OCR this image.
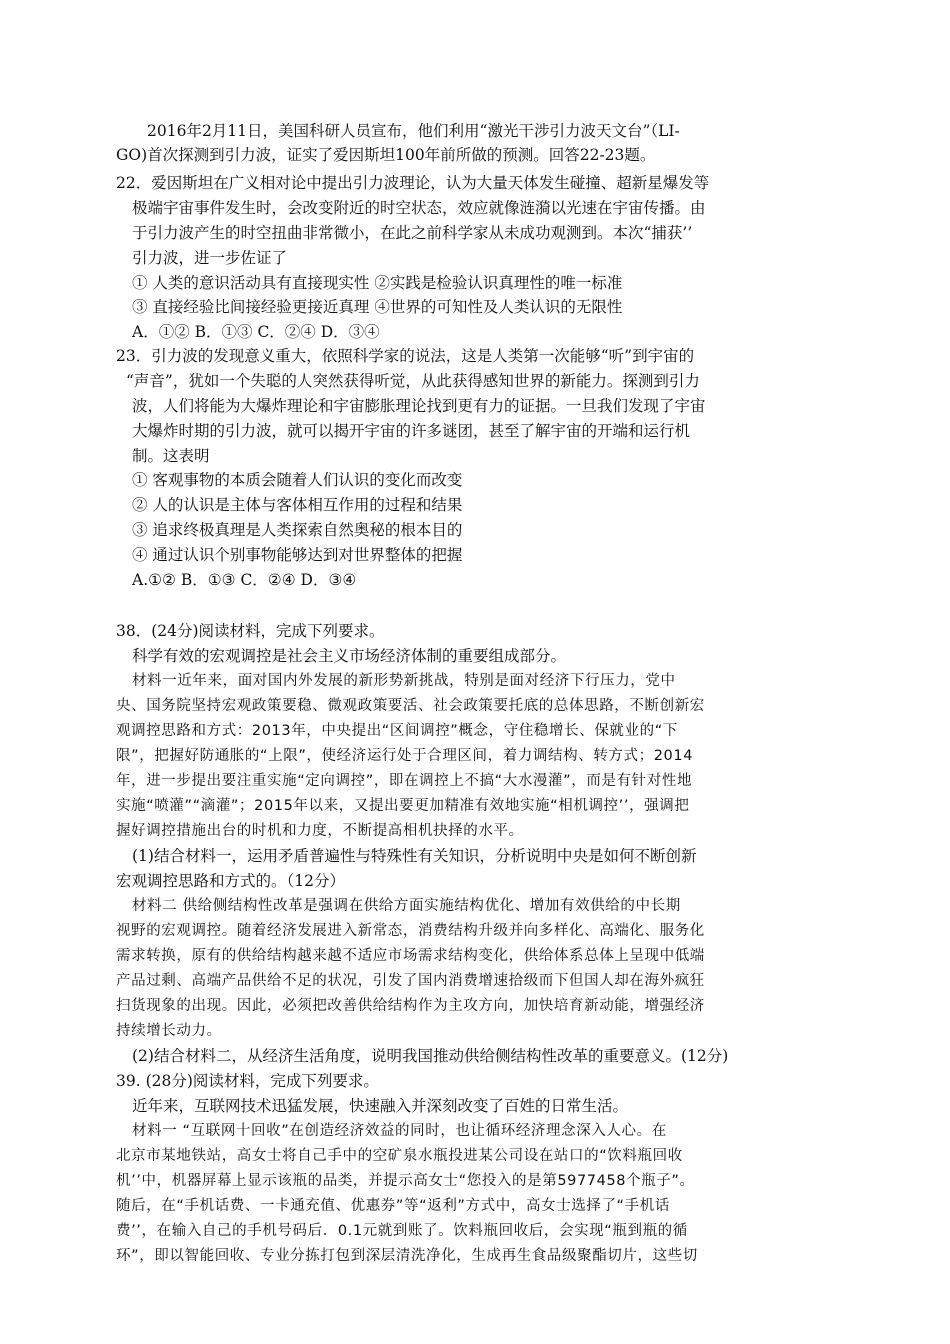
2016年2月11日，美国科研人员宣布，他们利用“激光干涉引力波天文台”（LI-
GO)首次探测到引力波，证实了爱因斯坦100年前所做的预测。回答22-23题。
22．爱因斯坦在广义相对论中提出引力波理论，认为大量天体发生碰撞、超新星爆发等
极端宇宙事件发生时，会改变附近的时空状态，效应就像涟漪以光速在宇宙传播。由
于引力波产生的时空扭曲非常微小，在此之前科学家从未成功观测到。本次“捕获’’
引力波，进一步佐证了
① 人类的意识活动具有直接现实性 ②实践是检验认识真理性的唯一标准
③ 直接经验比间接经验更接近真理 ④世界的可知性及人类认识的无限性
A．①② B．①③ C．②④ D．③④
23．引力波的发现意义重大，依照科学家的说法，这是人类第一次能够“听”到宇宙的
“声音”，犹如一个失聪的人突然获得听觉，从此获得感知世界的新能力。探测到引力
波，人们将能为大爆炸理论和宇宙膨胀理论找到更有力的证据。一旦我们发现了宇宙
大爆炸时期的引力波，就可以揭开宇宙的许多谜团，甚至了解宇宙的开端和运行机
制。这表明
① 客观事物的本质会随着人们认识的变化而改变
② 人的认识是主体与客体相互作用的过程和结果
③ 追求终极真理是人类探索自然奥秘的根本目的
④ 通过认识个别事物能够达到对世界整体的把握
A.①② B．①③ C．②④ D．③④
38．(24分)阅读材料，完成下列要求。
科学有效的宏观调控是社会主义市场经济体制的重要组成部分。
材料一近年来，面对国内外发展的新形势新挑战，特别是面对经济下行压力，党中
央、国务院坚持宏观政策要稳、微观政策要活、社会政策要托底的总体思路，不断创新宏
观调控思路和方式：2013年，中央提出“区间调控”概念，守住稳增长、保就业的“下
限”，把握好防通胀的“上限”，使经济运行处于合理区间，着力调结构、转方式；2014
年，进一步提出要注重实施“定向调控”，即在调控上不搞“大水漫灌”，而是有针对性地
实施“喷灌”“滴灌”；2015年以来，又提出要更加精准有效地实施“相机调控’’，强调把
握好调控措施出台的时机和力度，不断提高相机抉择的水平。
(1)结合材料一，运用矛盾普遍性与特殊性有关知识，分析说明中央是如何不断创新
宏观调控思路和方式的。（12分）
材料二 供给侧结构性改革是强调在供给方面实施结构优化、增加有效供给的中长期
视野的宏观调控。随着经济发展进入新常态，消费结构升级并向多样化、高端化、服务化
需求转换，原有的供给结构越来越不适应市场需求结构变化，供给体系总体上呈现中低端
产品过剩、高端产品供给不足的状况，引发了国内消费增速拾级而下但国人却在海外疯狂
扫货现象的出现。因此，必须把改善供给结构作为主攻方向，加快培育新动能，增强经济
持续增长动力。
(2)结合材料二，从经济生活角度，说明我国推动供给侧结构性改革的重要意义。(12分)
39. (28分)阅读材料，完成下列要求。
近年来，互联网技术迅猛发展，快速融入并深刻改变了百姓的日常生活。
材料一 “互联网十回收”在创造经济效益的同时，也让循环经济理念深入人心。在
北京市某地铁站，高女士将自己手中的空矿泉水瓶投进某公司设在站口的“饮料瓶回收
机’’中，机器屏幕上显示该瓶的品类，并提示高女士“您投入的是第5977458个瓶子”。
随后，在“手机话费、一卡通充值、优惠券”等“返利”方式中，高女士选择了“手机话
费’’，在输入自己的手机号码后．0.1元就到账了。饮料瓶回收后，会实现“瓶到瓶的循
环”，即以智能回收、专业分拣打包到深层清洗净化，生成再生食品级聚酯切片，这些切
